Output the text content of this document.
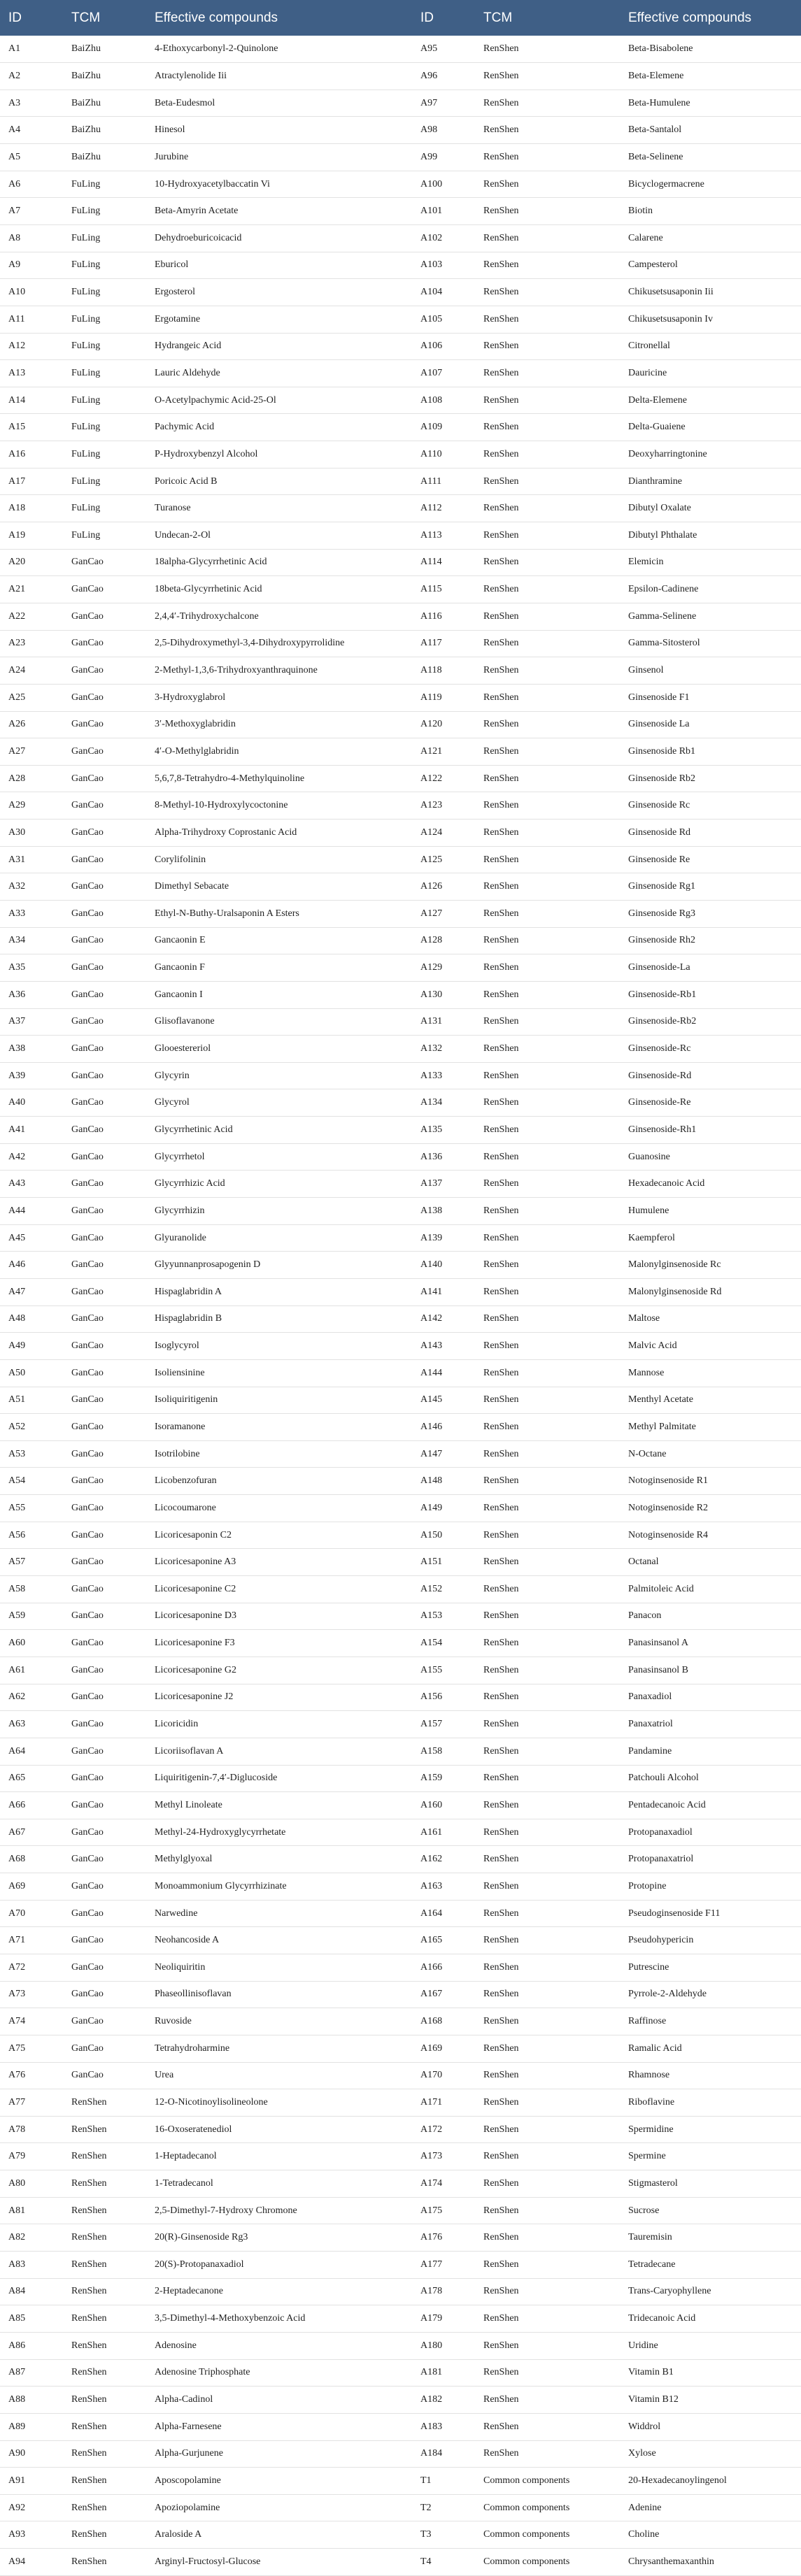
ID	TCM	Effective compounds	ID	TCM	Effective compounds
A1	BaiZhu	4-Ethoxycarbonyl-2-Quinolone	A95	RenShen	Beta-Bisabolene
A2	BaiZhu	Atractylenolide Iii	A96	RenShen	Beta-Elemene
A3	BaiZhu	Beta-Eudesmol	A97	RenShen	Beta-Humulene
A4	BaiZhu	Hinesol	A98	RenShen	Beta-Santalol
A5	BaiZhu	Jurubine	A99	RenShen	Beta-Selinene
A6	FuLing	10-Hydroxyacetylbaccatin Vi	A100	RenShen	Bicyclogermacrene
A7	FuLing	Beta-Amyrin Acetate	A101	RenShen	Biotin
A8	FuLing	Dehydroeburicoicacid	A102	RenShen	Calarene
A9	FuLing	Eburicol	A103	RenShen	Campesterol
A10	FuLing	Ergosterol	A104	RenShen	Chikusetsusaponin Iii
A11	FuLing	Ergotamine	A105	RenShen	Chikusetsusaponin Iv
A12	FuLing	Hydrangeic Acid	A106	RenShen	Citronellal
A13	FuLing	Lauric Aldehyde	A107	RenShen	Dauricine
A14	FuLing	O-Acetylpachymic Acid-25-Ol	A108	RenShen	Delta-Elemene
A15	FuLing	Pachymic Acid	A109	RenShen	Delta-Guaiene
A16	FuLing	P-Hydroxybenzyl Alcohol	A110	RenShen	Deoxyharringtonine
A17	FuLing	Poricoic Acid B	A111	RenShen	Dianthramine
A18	FuLing	Turanose	A112	RenShen	Dibutyl Oxalate
A19	FuLing	Undecan-2-Ol	A113	RenShen	Dibutyl Phthalate
A20	GanCao	18alpha-Glycyrrhetinic Acid	A114	RenShen	Elemicin
A21	GanCao	18beta-Glycyrrhetinic Acid	A115	RenShen	Epsilon-Cadinene
A22	GanCao	2,4,4′-Trihydroxychalcone	A116	RenShen	Gamma-Selinene
A23	GanCao	2,5-Dihydroxymethyl-3,4-Dihydroxypyrrolidine	A117	RenShen	Gamma-Sitosterol
A24	GanCao	2-Methyl-1,3,6-Trihydroxyanthraquinone	A118	RenShen	Ginsenol
A25	GanCao	3-Hydroxyglabrol	A119	RenShen	Ginsenoside F1
A26	GanCao	3′-Methoxyglabridin	A120	RenShen	Ginsenoside La
A27	GanCao	4′-O-Methylglabridin	A121	RenShen	Ginsenoside Rb1
A28	GanCao	5,6,7,8-Tetrahydro-4-Methylquinoline	A122	RenShen	Ginsenoside Rb2
A29	GanCao	8-Methyl-10-Hydroxylycoctonine	A123	RenShen	Ginsenoside Rc
A30	GanCao	Alpha-Trihydroxy Coprostanic Acid	A124	RenShen	Ginsenoside Rd
A31	GanCao	Corylifolinin	A125	RenShen	Ginsenoside Re
A32	GanCao	Dimethyl Sebacate	A126	RenShen	Ginsenoside Rg1
A33	GanCao	Ethyl-N-Buthy-Uralsaponin A Esters	A127	RenShen	Ginsenoside Rg3
A34	GanCao	Gancaonin E	A128	RenShen	Ginsenoside Rh2
A35	GanCao	Gancaonin F	A129	RenShen	Ginsenoside-La
A36	GanCao	Gancaonin I	A130	RenShen	Ginsenoside-Rb1
A37	GanCao	Glisoflavanone	A131	RenShen	Ginsenoside-Rb2
A38	GanCao	Glooestereriol	A132	RenShen	Ginsenoside-Rc
A39	GanCao	Glycyrin	A133	RenShen	Ginsenoside-Rd
A40	GanCao	Glycyrol	A134	RenShen	Ginsenoside-Re
A41	GanCao	Glycyrrhetinic Acid	A135	RenShen	Ginsenoside-Rh1
A42	GanCao	Glycyrrhetol	A136	RenShen	Guanosine
A43	GanCao	Glycyrrhizic Acid	A137	RenShen	Hexadecanoic Acid
A44	GanCao	Glycyrrhizin	A138	RenShen	Humulene
A45	GanCao	Glyuranolide	A139	RenShen	Kaempferol
A46	GanCao	Glyyunnanprosapogenin D	A140	RenShen	Malonylginsenoside Rc
A47	GanCao	Hispaglabridin A	A141	RenShen	Malonylginsenoside Rd
A48	GanCao	Hispaglabridin B	A142	RenShen	Maltose
A49	GanCao	Isoglycyrol	A143	RenShen	Malvic Acid
A50	GanCao	Isoliensinine	A144	RenShen	Mannose
A51	GanCao	Isoliquiritigenin	A145	RenShen	Menthyl Acetate
A52	GanCao	Isoramanone	A146	RenShen	Methyl Palmitate
A53	GanCao	Isotrilobine	A147	RenShen	N-Octane
A54	GanCao	Licobenzofuran	A148	RenShen	Notoginsenoside R1
A55	GanCao	Licocoumarone	A149	RenShen	Notoginsenoside R2
A56	GanCao	Licoricesaponin C2	A150	RenShen	Notoginsenoside R4
A57	GanCao	Licoricesaponine A3	A151	RenShen	Octanal
A58	GanCao	Licoricesaponine C2	A152	RenShen	Palmitoleic Acid
A59	GanCao	Licoricesaponine D3	A153	RenShen	Panacon
A60	GanCao	Licoricesaponine F3	A154	RenShen	Panasinsanol A
A61	GanCao	Licoricesaponine G2	A155	RenShen	Panasinsanol B
A62	GanCao	Licoricesaponine J2	A156	RenShen	Panaxadiol
A63	GanCao	Licoricidin	A157	RenShen	Panaxatriol
A64	GanCao	Licoriisoflavan A	A158	RenShen	Pandamine
A65	GanCao	Liquiritigenin-7,4′-Diglucoside	A159	RenShen	Patchouli Alcohol
A66	GanCao	Methyl Linoleate	A160	RenShen	Pentadecanoic Acid
A67	GanCao	Methyl-24-Hydroxyglycyrrhetate	A161	RenShen	Protopanaxadiol
A68	GanCao	Methylglyoxal	A162	RenShen	Protopanaxatriol
A69	GanCao	Monoammonium Glycyrrhizinate	A163	RenShen	Protopine
A70	GanCao	Narwedine	A164	RenShen	Pseudoginsenoside F11
A71	GanCao	Neohancoside A	A165	RenShen	Pseudohypericin
A72	GanCao	Neoliquiritin	A166	RenShen	Putrescine
A73	GanCao	Phaseollinisoflavan	A167	RenShen	Pyrrole-2-Aldehyde
A74	GanCao	Ruvoside	A168	RenShen	Raffinose
A75	GanCao	Tetrahydroharmine	A169	RenShen	Ramalic Acid
A76	GanCao	Urea	A170	RenShen	Rhamnose
A77	RenShen	12-O-Nicotinoylisolineolone	A171	RenShen	Riboflavine
A78	RenShen	16-Oxoseratenediol	A172	RenShen	Spermidine
A79	RenShen	1-Heptadecanol	A173	RenShen	Spermine
A80	RenShen	1-Tetradecanol	A174	RenShen	Stigmasterol
A81	RenShen	2,5-Dimethyl-7-Hydroxy Chromone	A175	RenShen	Sucrose
A82	RenShen	20(R)-Ginsenoside Rg3	A176	RenShen	Tauremisin
A83	RenShen	20(S)-Protopanaxadiol	A177	RenShen	Tetradecane
A84	RenShen	2-Heptadecanone	A178	RenShen	Trans-Caryophyllene
A85	RenShen	3,5-Dimethyl-4-Methoxybenzoic Acid	A179	RenShen	Tridecanoic Acid
A86	RenShen	Adenosine	A180	RenShen	Uridine
A87	RenShen	Adenosine Triphosphate	A181	RenShen	Vitamin B1
A88	RenShen	Alpha-Cadinol	A182	RenShen	Vitamin B12
A89	RenShen	Alpha-Farnesene	A183	RenShen	Widdrol
A90	RenShen	Alpha-Gurjunene	A184	RenShen	Xylose
A91	RenShen	Aposcopolamine	T1	Common components	20-Hexadecanoylingenol
A92	RenShen	Apoziopolamine	T2	Common components	Adenine
A93	RenShen	Araloside A	T3	Common components	Choline
A94	RenShen	Arginyl-Fructosyl-Glucose	T4	Common components	Chrysanthemaxanthin
